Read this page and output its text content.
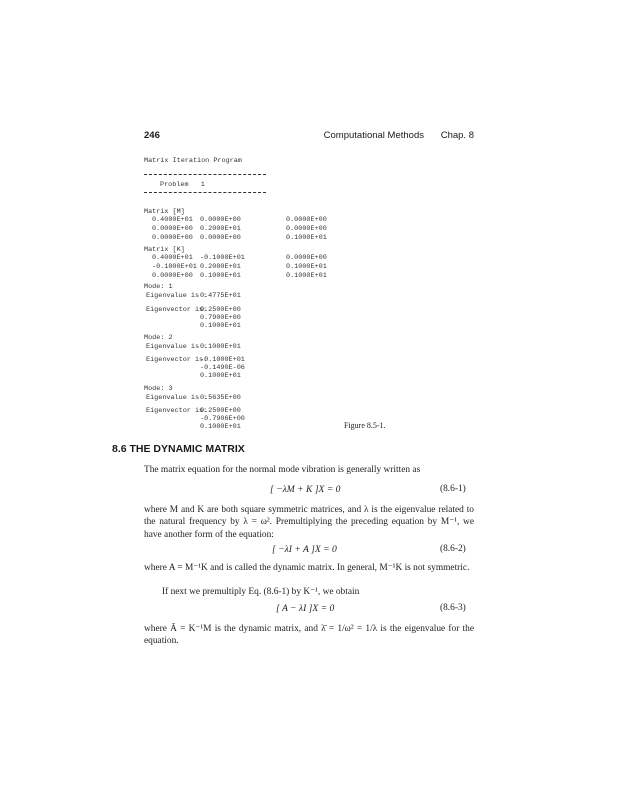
246	Computational Methods Chap. 8
Matrix Iteration Program
Problem   1
Matrix [M]
0.4000E+01 0.0000E+00	0.0000E+00
0.0000E+00 0.2000E+01	0.0000E+00
0.0000E+00 0.0000E+00	0.1000E+01
Matrix [K]
0.4000E+01 -0.1000E+01	0.0000E+00
-0.1000E+01 0.2000E+01	0.1000E+01
0.0000E+00 0.1000E+01	0.1000E+01
Mode: 1
Eigenvalue is :
0.4775E+01
Eigenvector is:
0.2500E+00
0.7900E+00
0.1000E+01
Mode: 2
Eigenvalue is :
0.1000E+01
Eigenvector is:
-0.1000E+01
-0.1490E-06
0.1000E+01
Mode: 3
Eigenvalue is :
0.5635E+00
Eigenvector is:
0.2500E+00
-0.7906E+00
0.1000E+01	Figure 8.5-1.
8.6 THE DYNAMIC MATRIX
The matrix equation for the normal mode vibration is generally written as
[ −λM + K ]X = 0	(8.6-1)
where M and K are both square symmetric matrices, and λ is the eigenvalue related to the natural frequency by λ = ω². Premultiplying the preceding equation by M⁻¹, we have another form of the equation:
[ −λI + A ]X = 0	(8.6-2)
where A = M⁻¹K and is called the dynamic matrix. In general, M⁻¹K is not symmetric.
If next we premultiply Eq. (8.6-1) by K⁻¹, we obtain
[ A − λI ]X = 0	(8.6-3)
where Ā = K⁻¹M is the dynamic matrix, and λ̄ = 1/ω² = 1/λ is the eigenvalue for the equation.
